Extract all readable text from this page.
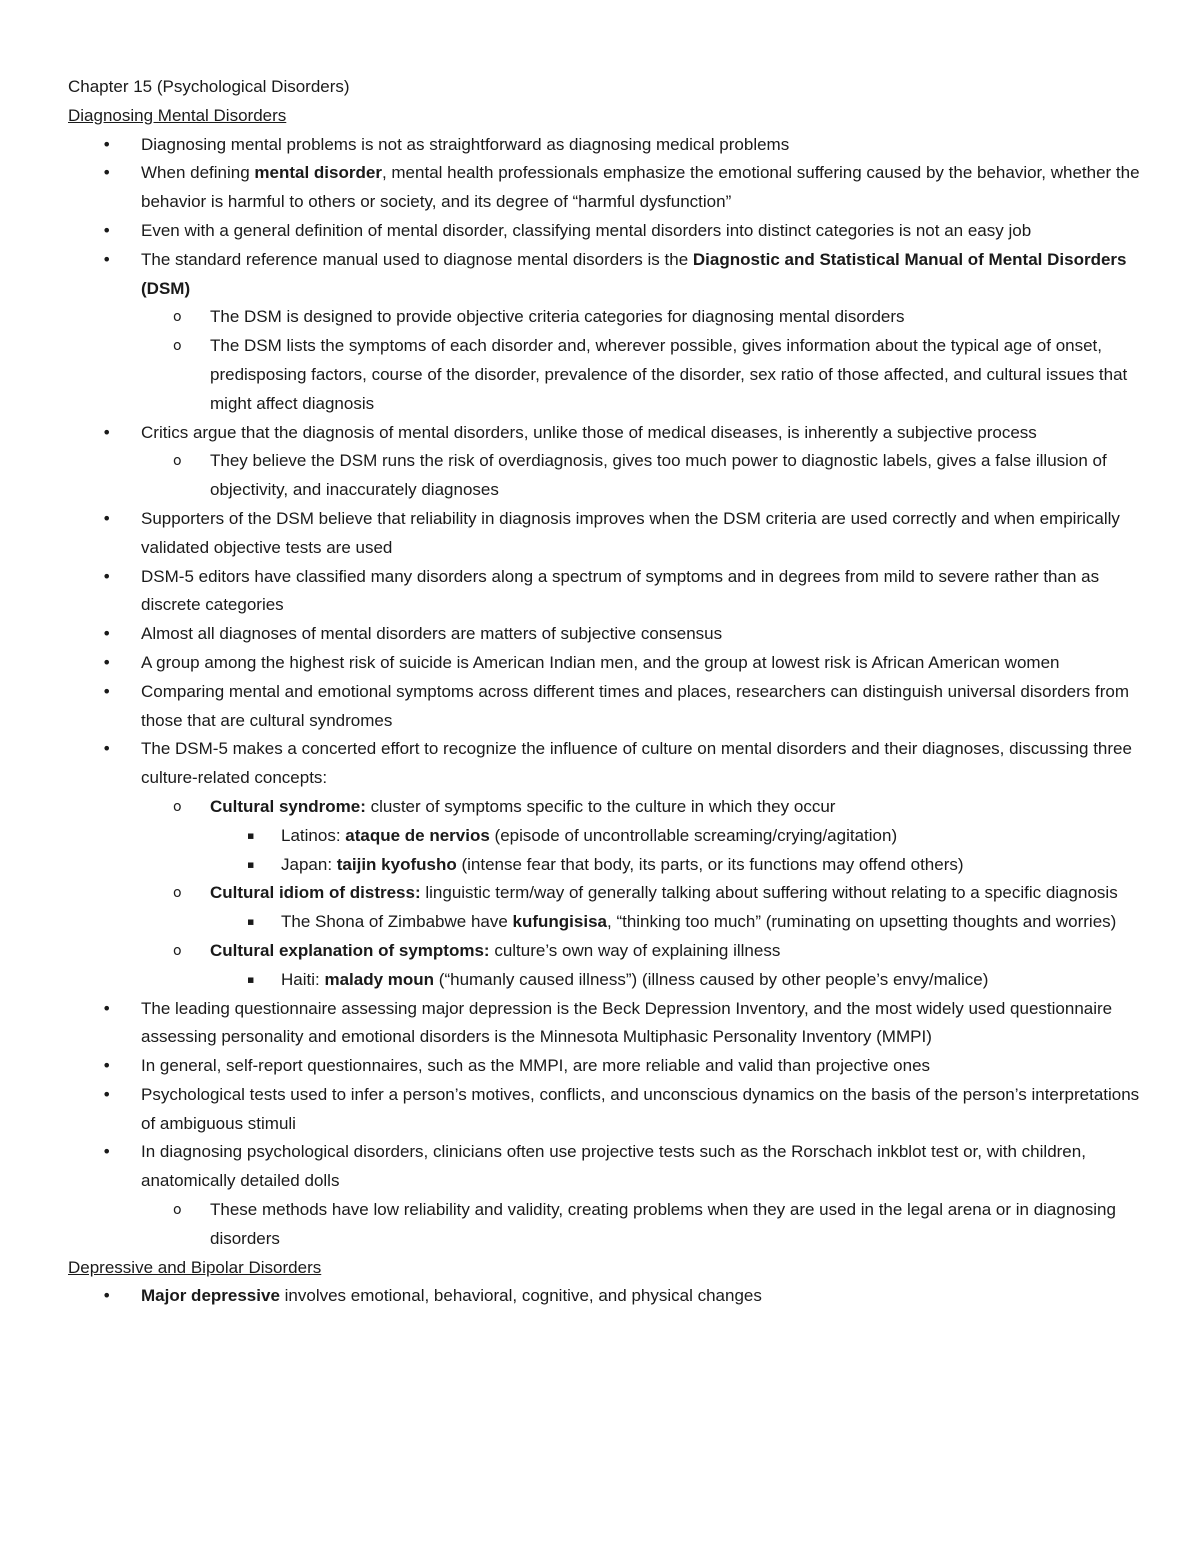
Chapter 15 (Psychological Disorders)

Diagnosing Mental Disorders

• Diagnosing mental problems is not as straightforward as diagnosing medical problems

• When defining mental disorder, mental health professionals emphasize the emotional suffering caused by the behavior, whether the behavior is harmful to others or society, and its degree of “harmful dysfunction”

• Even with a general definition of mental disorder, classifying mental disorders into distinct categories is not an easy job

• The standard reference manual used to diagnose mental disorders is the Diagnostic and Statistical Manual of Mental Disorders (DSM)

o The DSM is designed to provide objective criteria categories for diagnosing mental disorders

o The DSM lists the symptoms of each disorder and, wherever possible, gives information about the typical age of onset, predisposing factors, course of the disorder, prevalence of the disorder, sex ratio of those affected, and cultural issues that might affect diagnosis

• Critics argue that the diagnosis of mental disorders, unlike those of medical diseases, is inherently a subjective process

o They believe the DSM runs the risk of overdiagnosis, gives too much power to diagnostic labels, gives a false illusion of objectivity, and inaccurately diagnoses

• Supporters of the DSM believe that reliability in diagnosis improves when the DSM criteria are used correctly and when empirically validated objective tests are used

• DSM-5 editors have classified many disorders along a spectrum of symptoms and in degrees from mild to severe rather than as discrete categories

• Almost all diagnoses of mental disorders are matters of subjective consensus

• A group among the highest risk of suicide is American Indian men, and the group at lowest risk is African American women

• Comparing mental and emotional symptoms across different times and places, researchers can distinguish universal disorders from those that are cultural syndromes

• The DSM-5 makes a concerted effort to recognize the influence of culture on mental disorders and their diagnoses, discussing three culture-related concepts:

o Cultural syndrome: cluster of symptoms specific to the culture in which they occur

▪ Latinos: ataque de nervios (episode of uncontrollable screaming/crying/agitation)

▪ Japan: taijin kyofusho (intense fear that body, its parts, or its functions may offend others)

o Cultural idiom of distress: linguistic term/way of generally talking about suffering without relating to a specific diagnosis

▪ The Shona of Zimbabwe have kufungisisa, “thinking too much” (ruminating on upsetting thoughts and worries)

o Cultural explanation of symptoms: culture’s own way of explaining illness

▪ Haiti: malady moun (“humanly caused illness”) (illness caused by other people’s envy/malice)

• The leading questionnaire assessing major depression is the Beck Depression Inventory, and the most widely used questionnaire assessing personality and emotional disorders is the Minnesota Multiphasic Personality Inventory (MMPI)

• In general, self-report questionnaires, such as the MMPI, are more reliable and valid than projective ones

• Psychological tests used to infer a person’s motives, conflicts, and unconscious dynamics on the basis of the person’s interpretations of ambiguous stimuli

• In diagnosing psychological disorders, clinicians often use projective tests such as the Rorschach inkblot test or, with children, anatomically detailed dolls

o These methods have low reliability and validity, creating problems when they are used in the legal arena or in diagnosing disorders

Depressive and Bipolar Disorders

• Major depressive involves emotional, behavioral, cognitive, and physical changes
